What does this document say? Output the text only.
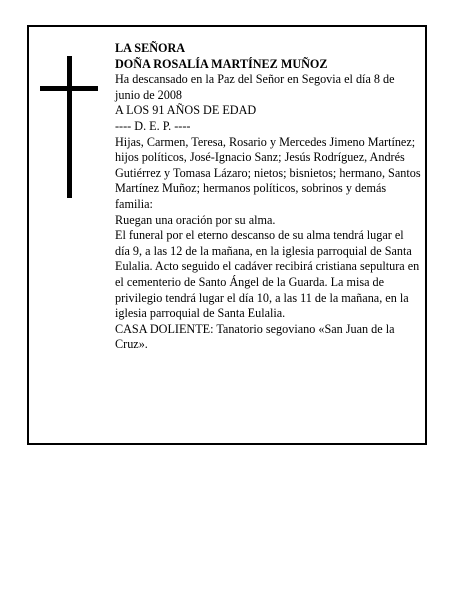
LA SEÑORA

DOÑA ROSALÍA MARTÍNEZ MUÑOZ

Ha descansado en la Paz del Señor en Segovia el día 8 de junio de 2008

A LOS 91 AÑOS DE EDAD

---- D. E. P. ----

Hijas, Carmen, Teresa, Rosario y Mercedes Jimeno Martínez; hijos políticos, José-Ignacio Sanz; Jesús Rodríguez, Andrés Gutiérrez y Tomasa Lázaro; nietos; bisnietos; hermano, Santos Martínez Muñoz; hermanos políticos, sobrinos y demás familia:

Ruegan una oración por su alma.

El funeral por el eterno descanso de su alma tendrá lugar el día 9, a las 12 de la mañana, en la iglesia parroquial de Santa Eulalia. Acto seguido el cadáver recibirá cristiana sepultura en el cementerio de Santo Ángel de la Guarda. La misa de privilegio tendrá lugar el día 10, a las 11 de la mañana, en la iglesia parroquial de Santa Eulalia.

CASA DOLIENTE: Tanatorio segoviano «San Juan de la Cruz».
